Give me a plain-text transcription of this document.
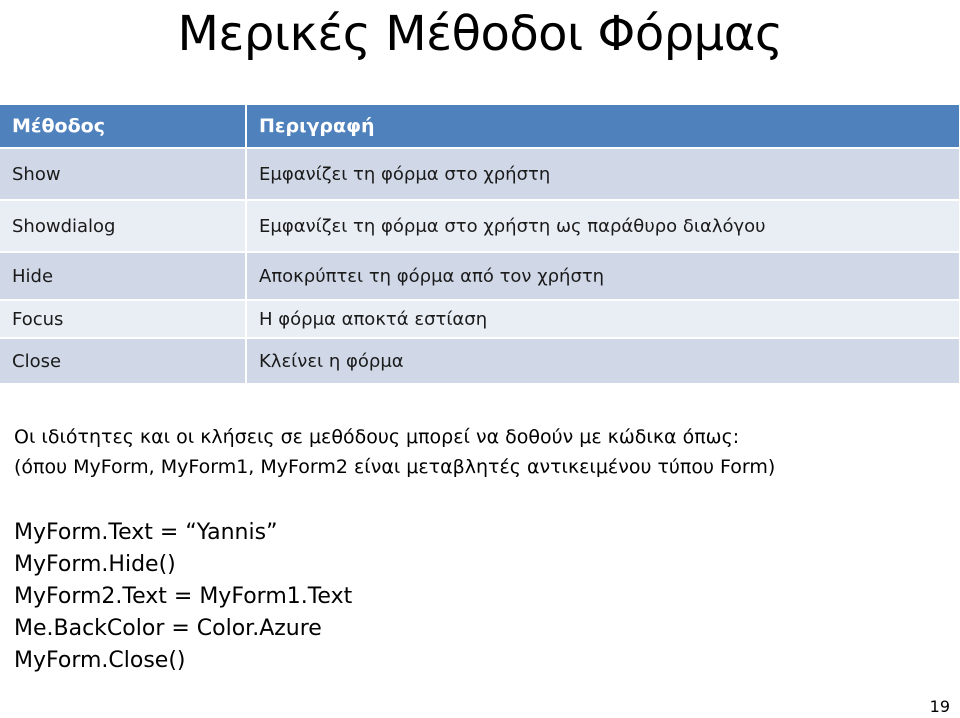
Μερικές Μέθοδοι Φόρμας
Μέθοδος	Περιγραφή
Show	Εμφανίζει τη φόρμα στο χρήστη
Showdialog	Εμφανίζει τη φόρμα στο χρήστη ως παράθυρο διαλόγου
Hide	Αποκρύπτει τη φόρμα από τον χρήστη
Focus	Η φόρμα αποκτά εστίαση
Close	Κλείνει η φόρμα
Οι ιδιότητες και οι κλήσεις σε μεθόδους μπορεί να δοθούν με κώδικα όπως:
(όπου MyForm, MyForm1, MyForm2 είναι μεταβλητές αντικειμένου τύπου Form)
MyForm.Text = “Yannis”
MyForm.Hide()
MyForm2.Text = MyForm1.Text
Me.BackColor = Color.Azure
MyForm.Close()
19
